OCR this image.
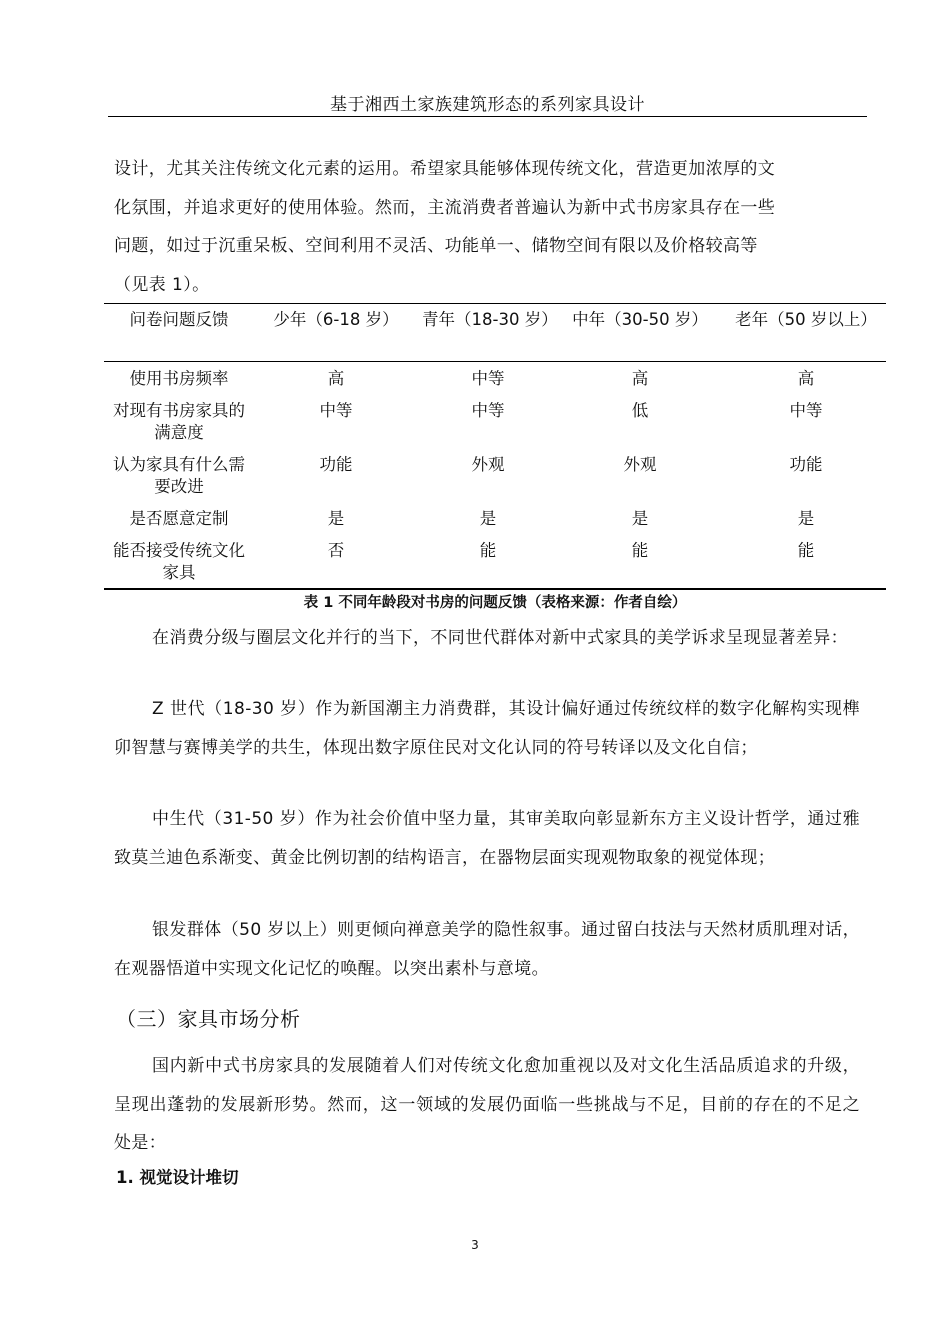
基于湘西土家族建筑形态的系列家具设计
设计，尤其关注传统文化元素的运用。希望家具能够体现传统文化，营造更加浓厚的文
化氛围，并追求更好的使用体验。然而，主流消费者普遍认为新中式书房家具存在一些
问题，如过于沉重呆板、空间利用不灵活、功能单一、储物空间有限以及价格较高等
（见表 1）。
问卷问题反馈	少年（6-18 岁）	青年（18-30 岁）	中年（30-50 岁）	老年（50 岁以上）
使用书房频率	高	中等	高	高
对现有书房家具的满意度	中等	中等	低	中等
认为家具有什么需要改进	功能	外观	外观	功能
是否愿意定制	是	是	是	是
能否接受传统文化家具	否	能	能	能
表 1 不同年龄段对书房的问题反馈（表格来源：作者自绘）
在消费分级与圈层文化并行的当下，不同世代群体对新中式家具的美学诉求呈现显著差异：
Z 世代（18-30 岁）作为新国潮主力消费群，其设计偏好通过传统纹样的数字化解构实现榫卯智慧与赛博美学的共生，体现出数字原住民对文化认同的符号转译以及文化自信；
中生代（31-50 岁）作为社会价值中坚力量，其审美取向彰显新东方主义设计哲学，通过雅致莫兰迪色系渐变、黄金比例切割的结构语言，在器物层面实现观物取象的视觉体现；
银发群体（50 岁以上）则更倾向禅意美学的隐性叙事。通过留白技法与天然材质肌理对话，在观器悟道中实现文化记忆的唤醒。以突出素朴与意境。
（三）家具市场分析
国内新中式书房家具的发展随着人们对传统文化愈加重视以及对文化生活品质追求的升级，呈现出蓬勃的发展新形势。然而，这一领域的发展仍面临一些挑战与不足，目前的存在的不足之处是：
1. 视觉设计堆切
3
